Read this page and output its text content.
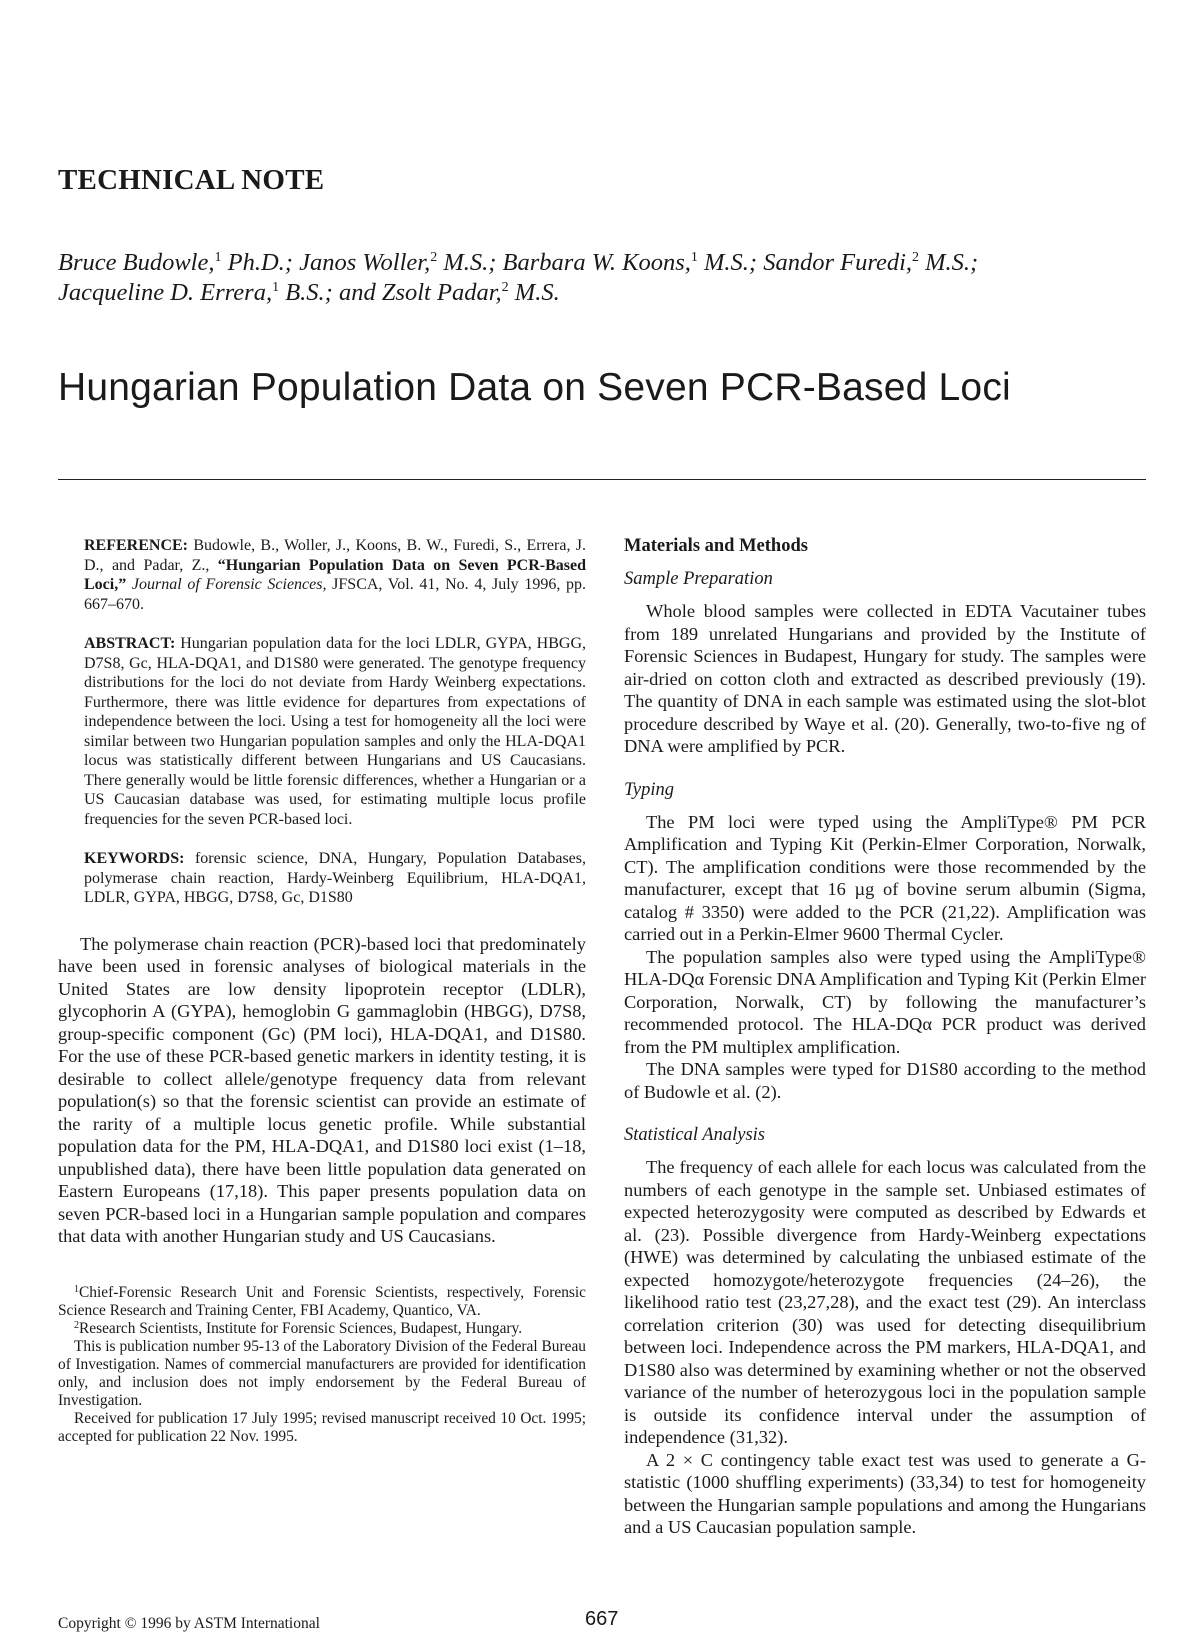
TECHNICAL NOTE

Bruce Budowle,$^1$ Ph.D.; Janos Woller,$^2$ M.S.; Barbara W. Koons,$^1$ M.S.; Sandor Furedi,$^2$ M.S.;
Jacqueline D. Errera,$^1$ B.S.; and Zsolt Padar,$^2$ M.S.

Hungarian Population Data on Seven PCR-Based Loci

REFERENCE: Budowle, B., Woller, J., Koons, B. W., Furedi, S., Errera, J. D., and Padar, Z., “Hungarian Population Data on Seven PCR-Based Loci,” Journal of Forensic Sciences, JFSCA, Vol. 41, No. 4, July 1996, pp. 667–670.

ABSTRACT: Hungarian population data for the loci LDLR, GYPA, HBGG, D7S8, Gc, HLA-DQA1, and D1S80 were generated. The genotype frequency distributions for the loci do not deviate from Hardy Weinberg expectations. Furthermore, there was little evidence for departures from expectations of independence between the loci. Using a test for homogeneity all the loci were similar between two Hungarian population samples and only the HLA-DQA1 locus was statistically different between Hungarians and US Caucasians. There generally would be little forensic differences, whether a Hungarian or a US Caucasian database was used, for estimating multiple locus profile frequencies for the seven PCR-based loci.

KEYWORDS: forensic science, DNA, Hungary, Population Databases, polymerase chain reaction, Hardy-Weinberg Equilibrium, HLA-DQA1, LDLR, GYPA, HBGG, D7S8, Gc, D1S80

The polymerase chain reaction (PCR)-based loci that predominately have been used in forensic analyses of biological materials in the United States are low density lipoprotein receptor (LDLR), glycophorin A (GYPA), hemoglobin G gammaglobin (HBGG), D7S8, group-specific component (Gc) (PM loci), HLA-DQA1, and D1S80. For the use of these PCR-based genetic markers in identity testing, it is desirable to collect allele/genotype frequency data from relevant population(s) so that the forensic scientist can provide an estimate of the rarity of a multiple locus genetic profile. While substantial population data for the PM, HLA-DQA1, and D1S80 loci exist (1–18, unpublished data), there have been little population data generated on Eastern Europeans (17,18). This paper presents population data on seven PCR-based loci in a Hungarian sample population and compares that data with another Hungarian study and US Caucasians.

$^1$Chief-Forensic Research Unit and Forensic Scientists, respectively, Forensic Science Research and Training Center, FBI Academy, Quantico, VA.

$^2$Research Scientists, Institute for Forensic Sciences, Budapest, Hungary.

This is publication number 95-13 of the Laboratory Division of the Federal Bureau of Investigation. Names of commercial manufacturers are provided for identification only, and inclusion does not imply endorsement by the Federal Bureau of Investigation.

Received for publication 17 July 1995; revised manuscript received 10 Oct. 1995; accepted for publication 22 Nov. 1995.

Materials and Methods
Sample Preparation

Whole blood samples were collected in EDTA Vacutainer tubes from 189 unrelated Hungarians and provided by the Institute of Forensic Sciences in Budapest, Hungary for study. The samples were air-dried on cotton cloth and extracted as described previously (19). The quantity of DNA in each sample was estimated using the slot-blot procedure described by Waye et al. (20). Generally, two-to-five ng of DNA were amplified by PCR.

Typing

The PM loci were typed using the AmpliType® PM PCR Amplification and Typing Kit (Perkin-Elmer Corporation, Norwalk, CT). The amplification conditions were those recommended by the manufacturer, except that 16 µg of bovine serum albumin (Sigma, catalog # 3350) were added to the PCR (21,22). Amplification was carried out in a Perkin-Elmer 9600 Thermal Cycler.

The population samples also were typed using the AmpliType® HLA-DQα Forensic DNA Amplification and Typing Kit (Perkin Elmer Corporation, Norwalk, CT) by following the manufacturer’s recommended protocol. The HLA-DQα PCR product was derived from the PM multiplex amplification.

The DNA samples were typed for D1S80 according to the method of Budowle et al. (2).

Statistical Analysis

The frequency of each allele for each locus was calculated from the numbers of each genotype in the sample set. Unbiased estimates of expected heterozygosity were computed as described by Edwards et al. (23). Possible divergence from Hardy-Weinberg expectations (HWE) was determined by calculating the unbiased estimate of the expected homozygote/heterozygote frequencies (24–26), the likelihood ratio test (23,27,28), and the exact test (29). An interclass correlation criterion (30) was used for detecting disequilibrium between loci. Independence across the PM markers, HLA-DQA1, and D1S80 also was determined by examining whether or not the observed variance of the number of heterozygous loci in the population sample is outside its confidence interval under the assumption of independence (31,32).

A 2 × C contingency table exact test was used to generate a G-statistic (1000 shuffling experiments) (33,34) to test for homogeneity between the Hungarian sample populations and among the Hungarians and a US Caucasian population sample.

Copyright © 1996 by ASTM International	667
